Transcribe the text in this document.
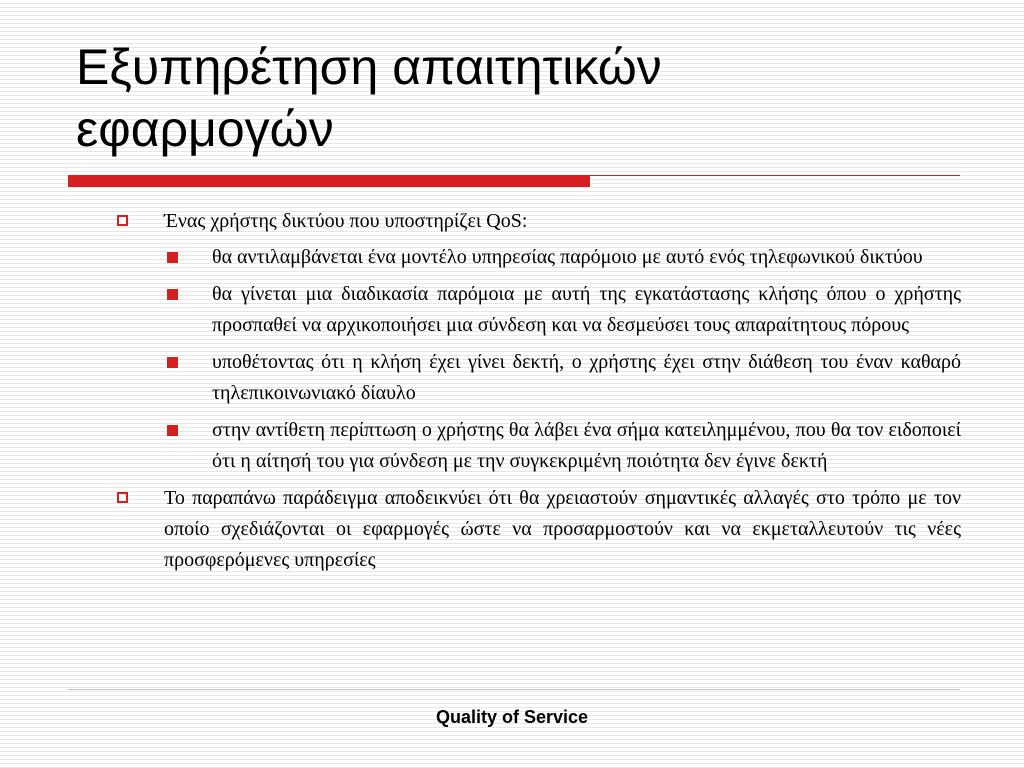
Εξυπηρέτηση απαιτητικών
εφαρμογών
Ένας χρήστης δικτύου που υποστηρίζει QoS:
θα αντιλαμβάνεται ένα μοντέλο υπηρεσίας παρόμοιο με αυτό ενός τηλεφωνικού δικτύου
θα γίνεται μια διαδικασία παρόμοια με αυτή της εγκατάστασης κλήσης όπου ο χρήστης προσπαθεί να αρχικοποιήσει μια σύνδεση και να δεσμεύσει τους απαραίτητους πόρους
υποθέτοντας ότι η κλήση έχει γίνει δεκτή, ο χρήστης έχει στην διάθεση του έναν καθαρό τηλεπικοινωνιακό δίαυλο
στην αντίθετη περίπτωση ο χρήστης θα λάβει ένα σήμα κατειλημμένου, που θα τον ειδοποιεί ότι η αίτησή του για σύνδεση με την συγκεκριμένη ποιότητα δεν έγινε δεκτή
Το παραπάνω παράδειγμα αποδεικνύει ότι θα χρειαστούν σημαντικές αλλαγές στο τρόπο με τον οποίο σχεδιάζονται οι εφαρμογές ώστε να προσαρμοστούν και να εκμεταλλευτούν τις νέες προσφερόμενες υπηρεσίες
Quality of Service
